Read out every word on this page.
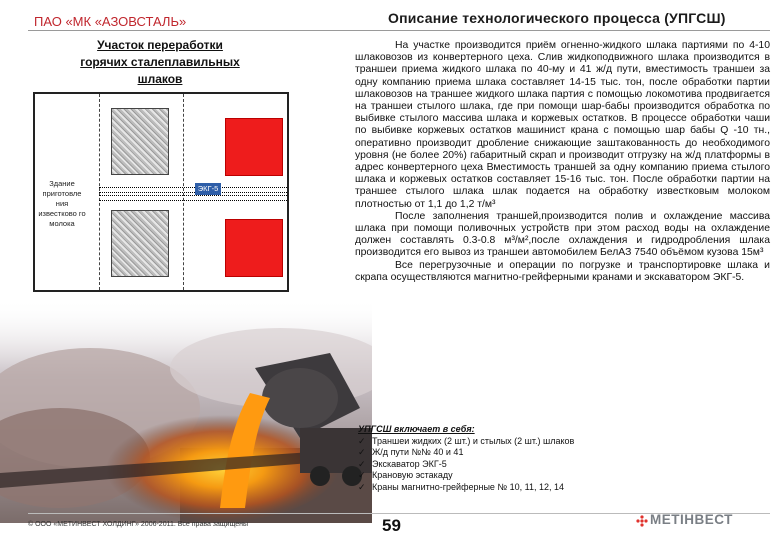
ПАО «МК «АЗОВСТАЛЬ»	Описание технологического процесса (УПГСШ)
Участок переработки
горячих сталеплавильных
шлаков
Здание приготовле ния известково го молока
ЭКГ-5

На участке производится приём огненно-жидкого шлака партиями по 4-10 шлаковозов из конвертерного цеха. Слив жидкоподвижного шлака производится в траншеи приема жидкого шлака по 40-му и 41 ж/д пути, вместимость траншеи за одну компанию приема шлака составляет 14-15 тыс. тон, после обработки партии шлаковозов на траншее жидкого шлака партия с помощью локомотива продвигается на траншеи стылого шлака, где при помощи шар-бабы производится обработка по выбивке стылого массива шлака и коржевых остатков. В процессе обработки чаши по выбивке коржевых остатков машинист крана с помощью шар бабы Q -10 тн., оперативно производит дробление снижающие заштакованность до необходимого уровня (не более 20%) габаритный скрап и производит отгрузку на ж/д платформы в адрес конвертерного цеха Вместимость траншей за одну компанию приема стылого шлака и коржевых остатков составляет 15-16 тыс. тон. После обработки партии на траншее стылого шлака шлак подается на обработку известковым молоком плотностью от 1,1 до 1,2 т/м³

После заполнения траншей,производится полив и охлаждение массива шлака при помощи поливочных устройств при этом расход воды на охлаждение должен составлять 0.3-0.8 м³/м²,после охлаждения и гидродробления шлака производится его вывоз из траншеи автомобилем БелАЗ 7540 объёмом кузова 15м³

Все перегрузочные и операции по погрузке и транспортировке шлака и скрапа осуществляются магнитно-грейферными кранами и экскаватором ЭКГ-5.

УПГСШ включает в себя:
✓ Траншеи жидких (2 шт.) и стылых (2 шт.) шлаков
✓ Ж/д пути №№ 40 и 41
✓ Экскаватор ЭКГ-5
✓ Крановую эстакаду
✓ Краны магнитно-грейферные № 10, 11, 12, 14
© ООО «МЕТИНВЕСТ ХОЛДИНГ» 2006-2011. Все права защищены	59	МЕТІНВЕСТ
